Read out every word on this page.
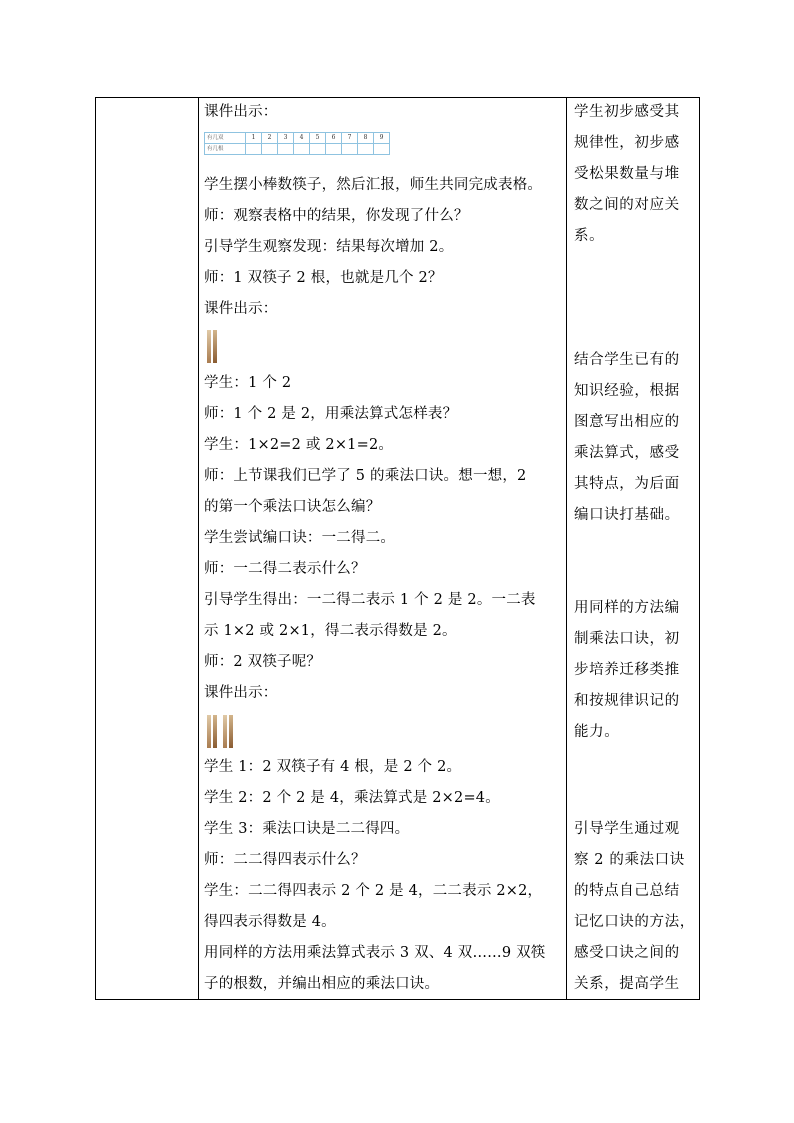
课件出示：
有几双	1	2	3	4	5	6	7	8	9
有几根									
学生摆小棒数筷子，然后汇报，师生共同完成表格。
师：观察表格中的结果，你发现了什么？
引导学生观察发现：结果每次增加 2。
师：1 双筷子 2 根，也就是几个 2？
课件出示：
学生：1 个 2
师：1 个 2 是 2，用乘法算式怎样表？
学生：1×2=2 或 2×1=2。
师：上节课我们已学了 5 的乘法口诀。想一想，2
的第一个乘法口诀怎么编？
学生尝试编口诀：一二得二。
师：一二得二表示什么？
引导学生得出：一二得二表示 1 个 2 是 2。一二表
示 1×2 或 2×1，得二表示得数是 2。
师：2 双筷子呢？
课件出示：
学生 1：2 双筷子有 4 根，是 2 个 2。
学生 2：2 个 2 是 4，乘法算式是 2×2=4。
学生 3：乘法口诀是二二得四。
师：二二得四表示什么？
学生：二二得四表示 2 个 2 是 4，二二表示 2×2，
得四表示得数是 4。
用同样的方法用乘法算式表示 3 双、4 双……9 双筷
子的根数，并编出相应的乘法口诀。
学生初步感受其
规律性，初步感
受松果数量与堆
数之间的对应关
系。
结合学生已有的
知识经验，根据
图意写出相应的
乘法算式，感受
其特点，为后面
编口诀打基础。
用同样的方法编
制乘法口诀，初
步培养迁移类推
和按规律识记的
能力。
引导学生通过观
察 2 的乘法口诀
的特点自己总结
记忆口诀的方法，
感受口诀之间的
关系，提高学生
